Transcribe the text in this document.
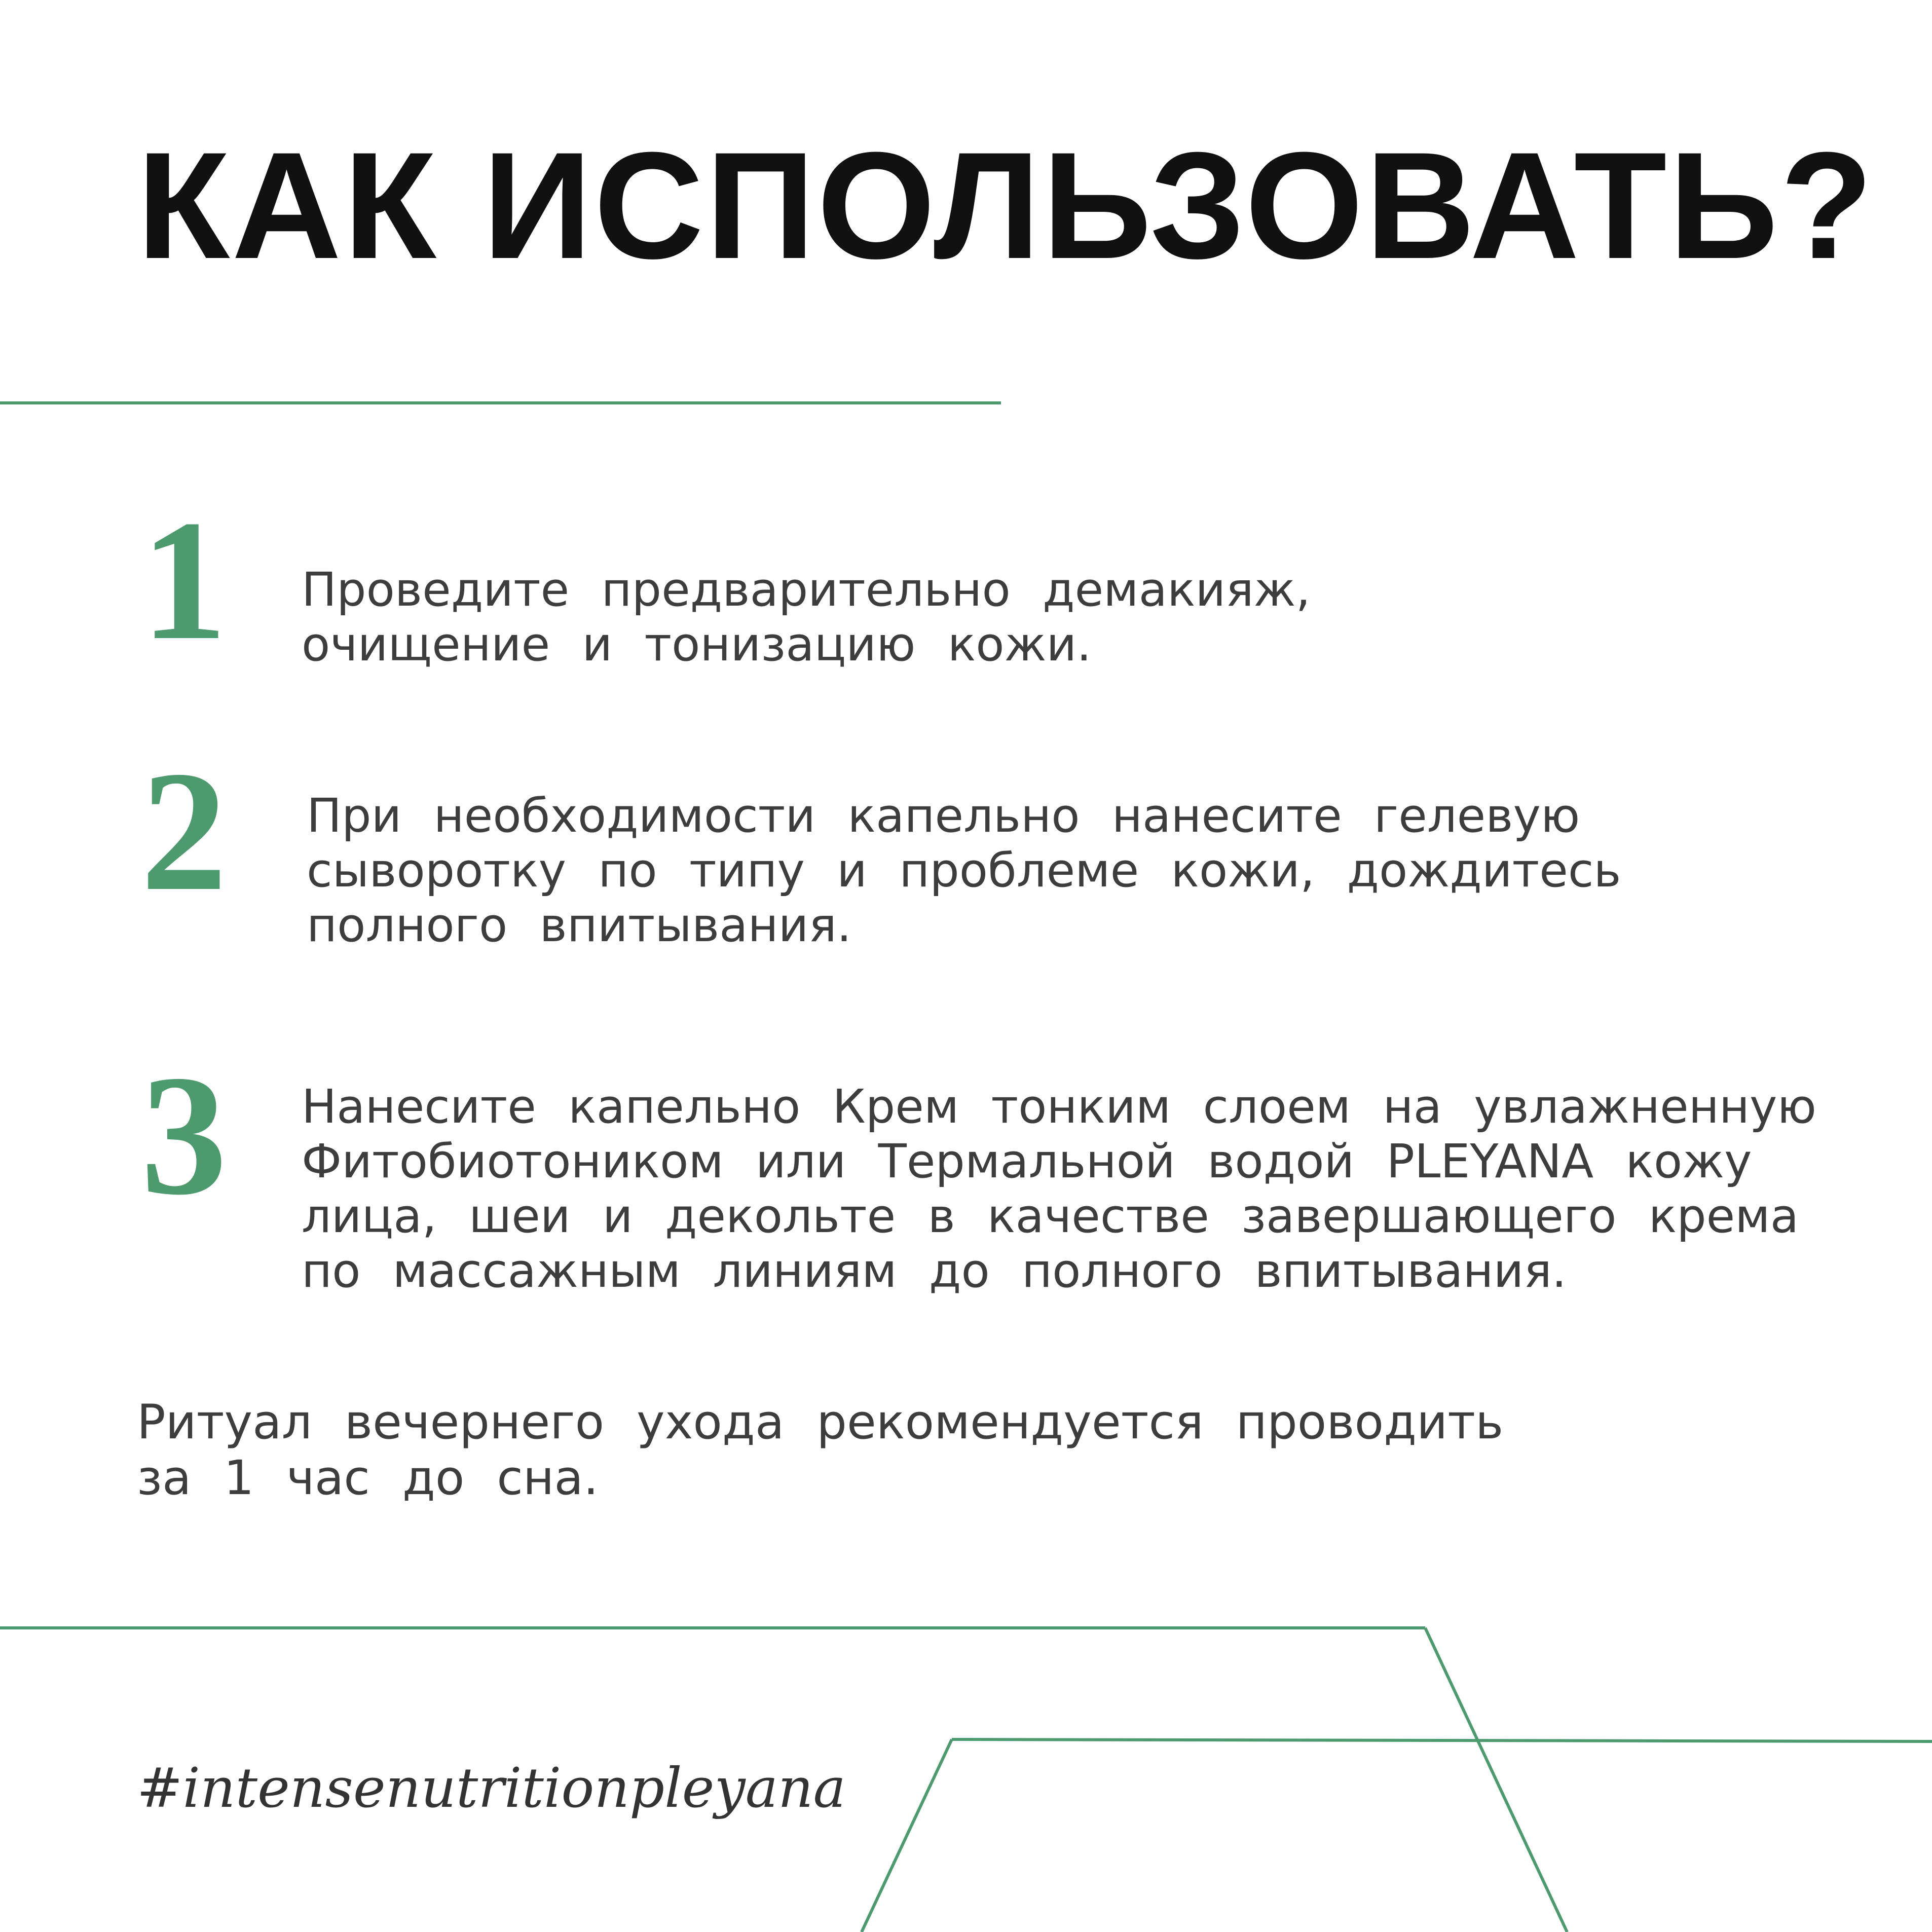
КАК ИСПОЛЬЗОВАТЬ?
1 Проведите предварительно демакияж,
очищение и тонизацию кожи.
2 При необходимости капельно нанесите гелевую
сыворотку по типу и проблеме кожи, дождитесь
полного впитывания.
3 Нанесите капельно Крем тонким слоем на увлажненную
Фитобиотоником или Термальной водой PLEYANA кожу
лица, шеи и декольте в качестве завершающего крема
по массажным линиям до полного впитывания.
Ритуал вечернего ухода рекомендуется проводить
за 1 час до сна.
#intensenutritionpleyana
